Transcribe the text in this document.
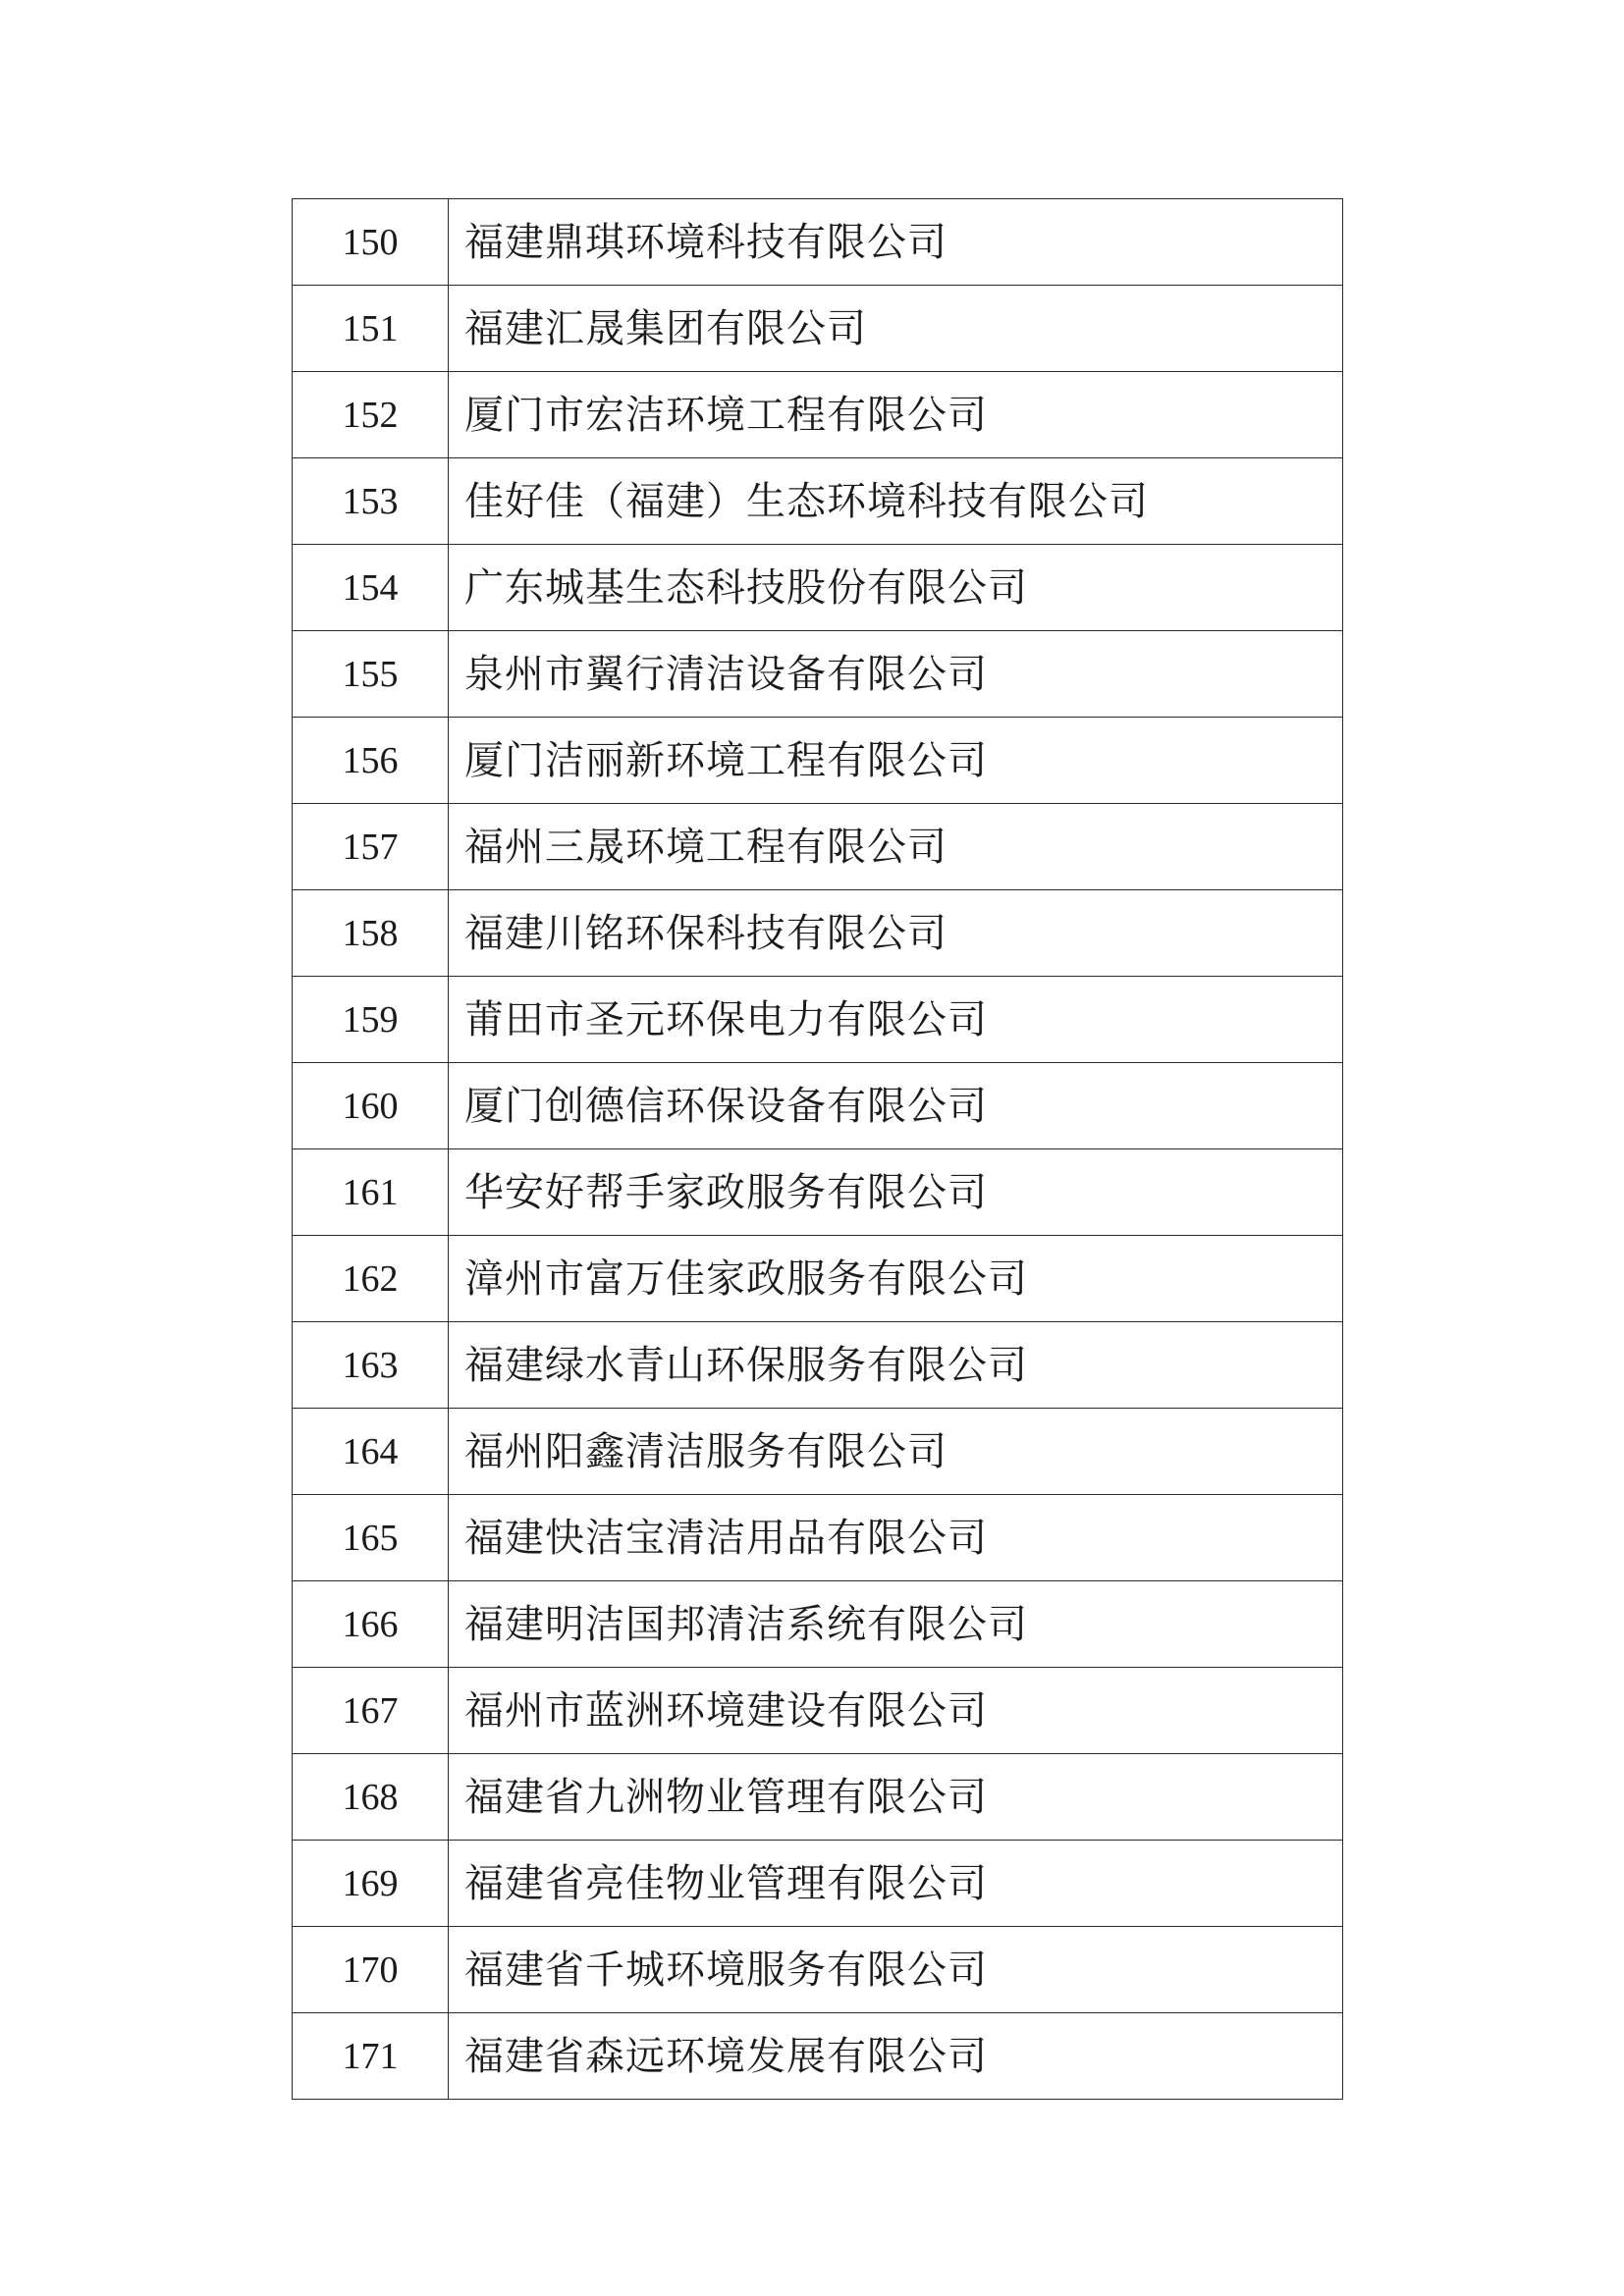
150	福建鼎琪环境科技有限公司
151	福建汇晟集团有限公司
152	厦门市宏洁环境工程有限公司
153	佳好佳（福建）生态环境科技有限公司
154	广东城基生态科技股份有限公司
155	泉州市翼行清洁设备有限公司
156	厦门洁丽新环境工程有限公司
157	福州三晟环境工程有限公司
158	福建川铭环保科技有限公司
159	莆田市圣元环保电力有限公司
160	厦门创德信环保设备有限公司
161	华安好帮手家政服务有限公司
162	漳州市富万佳家政服务有限公司
163	福建绿水青山环保服务有限公司
164	福州阳鑫清洁服务有限公司
165	福建快洁宝清洁用品有限公司
166	福建明洁国邦清洁系统有限公司
167	福州市蓝洲环境建设有限公司
168	福建省九洲物业管理有限公司
169	福建省亮佳物业管理有限公司
170	福建省千城环境服务有限公司
171	福建省森远环境发展有限公司
